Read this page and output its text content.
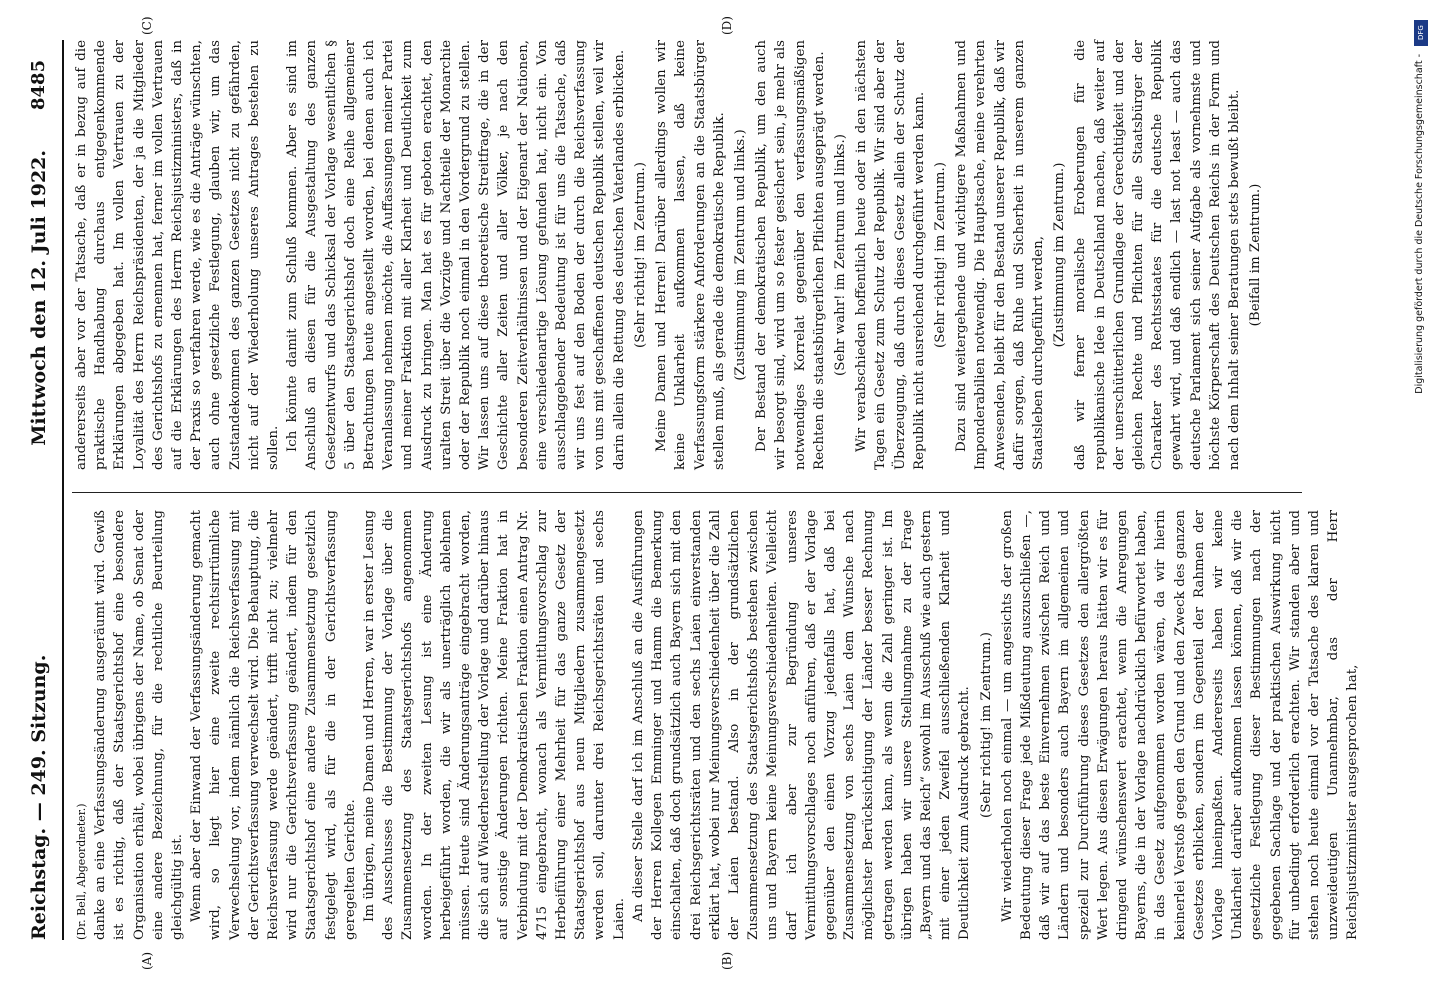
Reichstag. — 249. Sitzung.
8485
Mittwoch den 12. Juli 1922.
(A)	(B)
(C)	(D)

(Dr. Bell, Abgeordneter.) danke an eine Verfassungsänderung ausgeräumt wird. Gewiß ist es richtig, daß der Staatsgerichtshof eine besondere Organisation erhält, wobei übrigens der Name, ob Senat oder eine andere Bezeichnung, für die rechtliche Beurteilung gleichgültig ist. Wenn aber der Einwand der Verfassungsänderung gemacht wird, so liegt hier eine zweite rechtsirrtümliche Verwechselung vor, indem nämlich die Reichsverfassung mit der Gerichtsverfassung verwechselt wird. Die Behauptung, die Reichsverfassung werde geändert, trifft nicht zu; vielmehr wird nur die Gerichtsverfassung geändert, indem für den Staatsgerichtshof eine andere Zusammensetzung gesetzlich festgelegt wird, als für die in der Gerichtsverfassung geregelten Gerichte. Im übrigen, meine Damen und Herren, war in erster Lesung des Ausschusses die Bestimmung der Vorlage über die Zusammensetzung des Staatsgerichtshofs angenommen worden. In der zweiten Lesung ist eine Änderung herbeigeführt worden, die wir als unerträglich ablehnen müssen. Heute sind Änderungsanträge eingebracht worden, die sich auf Wiederherstellung der Vorlage und darüber hinaus auf sonstige Änderungen richten. Meine Fraktion hat in Verbindung mit der Demokratischen Fraktion einen Antrag Nr. 4715 eingebracht, wonach als Vermittlungsvorschlag zur Herbeiführung einer Mehrheit für das ganze Gesetz der Staatsgerichtshof aus neun Mitgliedern zusammengesetzt werden soll, darunter drei Reichsgerichtsräten und sechs Laien. An dieser Stelle darf ich im Anschluß an die Ausführungen der Herren Kollegen Emminger und Hamm die Bemerkung einschalten, daß doch grundsätzlich auch Bayern sich mit den drei Reichsgerichtsräten und den sechs Laien einverstanden erklärt hat, wobei nur Meinungsverschiedenheit über die Zahl der Laien bestand. Also in der grundsätzlichen Zusammensetzung des Staatsgerichtshofs bestehen zwischen uns und Bayern keine Meinungsverschiedenheiten. Vielleicht darf ich aber zur Begründung unseres Vermittlungsvorschlages noch anführen, daß er der Vorlage gegenüber den einen Vorzug jedenfalls hat, daß bei Zusammensetzung von sechs Laien dem Wunsche nach möglichster Berücksichtigung der Länder besser Rechnung getragen werden kann, als wenn die Zahl geringer ist. Im übrigen haben wir unsere Stellungnahme zu der Frage „Bayern und das Reich“ sowohl im Ausschuß wie auch gestern mit einer jeden Zweifel ausschließenden Klarheit und Deutlichkeit zum Ausdruck gebracht. (Sehr richtig! im Zentrum.) Wir wiederholen noch einmal — um angesichts der großen Bedeutung dieser Frage jede Mißdeutung auszuschließen —, daß wir auf das beste Einvernehmen zwischen Reich und Ländern und besonders auch Bayern im allgemeinen und speziell zur Durchführung dieses Gesetzes den allergrößten Wert legen. Aus diesen Erwägungen heraus hätten wir es für dringend wünschenswert erachtet, wenn die Anregungen Bayerns, die in der Vorlage nachdrücklich befürwortet haben, in das Gesetz aufgenommen worden wären, da wir hierin keinerlei Verstoß gegen den Grund und den Zweck des ganzen Gesetzes erblicken, sondern im Gegenteil der Rahmen der Vorlage hineinpaßten. Andererseits haben wir keine Unklarheit darüber aufkommen lassen können, daß wir die gesetzliche Festlegung dieser Bestimmungen nach der gegebenen Sachlage und der praktischen Auswirkung nicht für unbedingt erforderlich erachten. Wir standen aber und stehen noch heute einmal vor der Tatsache des klaren und unzweideutigen Unannehmbar, das der Herr Reichsjustizminister ausgesprochen hat,

andererseits aber vor der Tatsache, daß er in bezug auf die praktische Handhabung durchaus entgegenkommende Erklärungen abgegeben hat. Im vollen Vertrauen zu der Loyalität des Herrn Reichspräsidenten, der ja die Mitglieder des Gerichtshofs zu ernennen hat, ferner im vollen Vertrauen auf die Erklärungen des Herrn Reichsjustizministers, daß in der Praxis so verfahren werde, wie es die Anträge wünschten, auch ohne gesetzliche Festlegung, glauben wir, um das Zustandekommen des ganzen Gesetzes nicht zu gefährden, nicht auf der Wiederholung unseres Antrages bestehen zu sollen. Ich könnte damit zum Schluß kommen. Aber es sind im Anschluß an diesen für die Ausgestaltung des ganzen Gesetzentwurfs und das Schicksal der Vorlage wesentlichen § 5 über den Staatsgerichtshof doch eine Reihe allgemeiner Betrachtungen heute angestellt worden, bei denen auch ich Veranlassung nehmen möchte, die Auffassungen meiner Partei und meiner Fraktion mit aller Klarheit und Deutlichkeit zum Ausdruck zu bringen. Man hat es für geboten erachtet, den uralten Streit über die Vorzüge und Nachteile der Monarchie oder der Republik noch einmal in den Vordergrund zu stellen. Wir lassen uns auf diese theoretische Streitfrage, die in der Geschichte aller Zeiten und aller Völker, je nach den besonderen Zeitverhältnissen und der Eigenart der Nationen, eine verschiedenartige Lösung gefunden hat, nicht ein. Von ausschlaggebender Bedeutung ist für uns die Tatsache, daß wir uns fest auf den Boden der durch die Reichsverfassung von uns mit geschaffenen deutschen Republik stellen, weil wir darin allein die Rettung des deutschen Vaterlandes erblicken. (Sehr richtig! im Zentrum.) Meine Damen und Herren! Darüber allerdings wollen wir keine Unklarheit aufkommen lassen, daß keine Verfassungsform stärkere Anforderungen an die Staatsbürger stellen muß, als gerade die demokratische Republik. (Zustimmung im Zentrum und links.) Der Bestand der demokratischen Republik, um den auch wir besorgt sind, wird um so fester gesichert sein, je mehr als notwendiges Korrelat gegenüber den verfassungsmäßigen Rechten die staatsbürgerlichen Pflichten ausgeprägt werden. (Sehr wahr! im Zentrum und links.) Wir verabschieden hoffentlich heute oder in den nächsten Tagen ein Gesetz zum Schutz der Republik. Wir sind aber der Überzeugung, daß durch dieses Gesetz allein der Schutz der Republik nicht ausreichend durchgeführt werden kann. (Sehr richtig! im Zentrum.) Dazu sind weitergehende und wichtigere Maßnahmen und Imponderabilien notwendig. Die Hauptsache, meine verehrten Anwesenden, bleibt für den Bestand unserer Republik, daß wir dafür sorgen, daß Ruhe und Sicherheit in unserem ganzen Staatsleben durchgeführt werden, (Zustimmung im Zentrum.) daß wir ferner moralische Eroberungen für die republikanische Idee in Deutschland machen, daß weiter auf der unerschütterlichen Grundlage der Gerechtigkeit und der gleichen Rechte und Pflichten für alle Staatsbürger der Charakter des Rechtsstaates für die deutsche Republik gewahrt wird, und daß endlich — last not least — auch das deutsche Parlament sich seiner Aufgabe als vornehmste und höchste Körperschaft des Deutschen Reichs in der Form und nach dem Inhalt seiner Beratungen stets bewußt bleibt. (Beifall im Zentrum.)

DFG
Digitalisierung gefördert durch die Deutsche Forschungsgemeinschaft -
